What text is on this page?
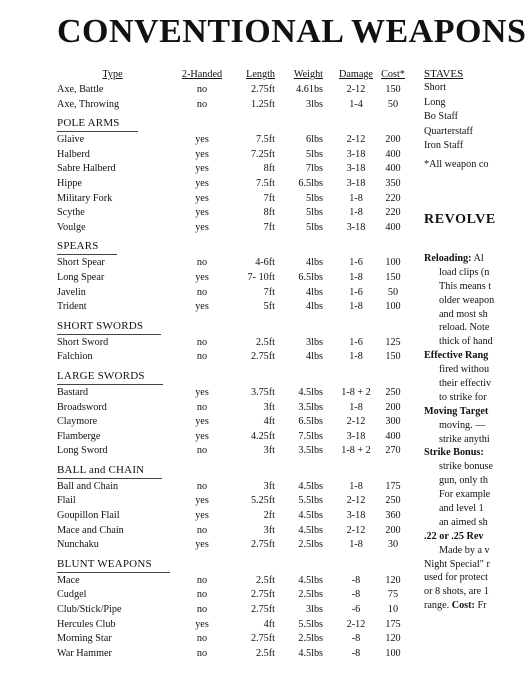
CONVENTIONAL WEAPONS
Type	2-Handed	Length	Weight	Damage Cost*
Axe, Battle	no	2.75ft	4.61bs	2-12	150
Axe, Throwing	no	1.25ft	3lbs	1-4	50
POLE ARMS
Glaive	yes	7.5ft	6lbs	2-12	200
Halberd	yes	7.25ft	5lbs	3-18	400
Sabre Halberd	yes	8ft	7lbs	3-18	400
Hippe	yes	7.5ft	6.5lbs	3-18	350
Military Fork	yes	7ft	5lbs	1-8	220
Scythe	yes	8ft	5lbs	1-8	220
Voulge	yes	7ft	5lbs	3-18	400
SPEARS
Short Spear	no	4-6ft	4lbs	1-6	100
Long Spear	yes	7- 10ft	6.5lbs	1-8	150
Javelin	no	7ft	4lbs	1-6	50
Trident	yes	5ft	4lbs	1-8	100
SHORT SWORDS
Short Sword	no	2.5ft	3lbs	1-6	125
Falchion	no	2.75ft	4lbs	1-8	150
LARGE SWORDS
Bastard	yes	3.75ft	4.5lbs	1-8 + 2	250
Broadsword	no	3ft	3.5lbs	1-8	200
Claymore	yes	4ft	6.5lbs	2-12	300
Flamberge	yes	4.25ft	7.5lbs	3-18	400
Long Sword	no	3ft	3.5lbs	1-8 + 2	270
BALL and CHAIN
Ball and Chain	no	3ft	4.5lbs	1-8	175
Flail	yes	5.25ft	5.5lbs	2-12	250
Goupillon Flail	yes	2ft	4.5lbs	3-18	360
Mace and Chain	no	3ft	4.5lbs	2-12	200
Nunchaku	yes	2.75ft	2.5lbs	1-8	30
BLUNT WEAPONS
Mace	no	2.5ft	4.5lbs	-8	120
Cudgel	no	2.75ft	2.5lbs	-8	75
Club/Stick/Pipe	no	2.75ft	3lbs	-6	10
Hercules Club	yes	4ft	5.5lbs	2-12	175
Morning Star	no	2.75ft	2.5lbs	-8	120
War Hammer	no	2.5ft	4.5lbs	-8	100
STAVES
Short
Long
Bo Staff
Quarterstaff
Iron Staff
*All weapon co
REVOLVE
Reloading: Al
load clips (n
This means t
older weapon
and most sh
reload. Note
thick of hand
Effective Rang
fired withou
their effectiv
to strike for
Moving Target
moving. —
strike anythi
Strike Bonus:
strike bonuse
gun, only th
For example
and level 1
an aimed sh
.22 or .25 Rev
Made by a v
Night Special" r
used for protect
or 8 shots, are 1
range. Cost: Fr
